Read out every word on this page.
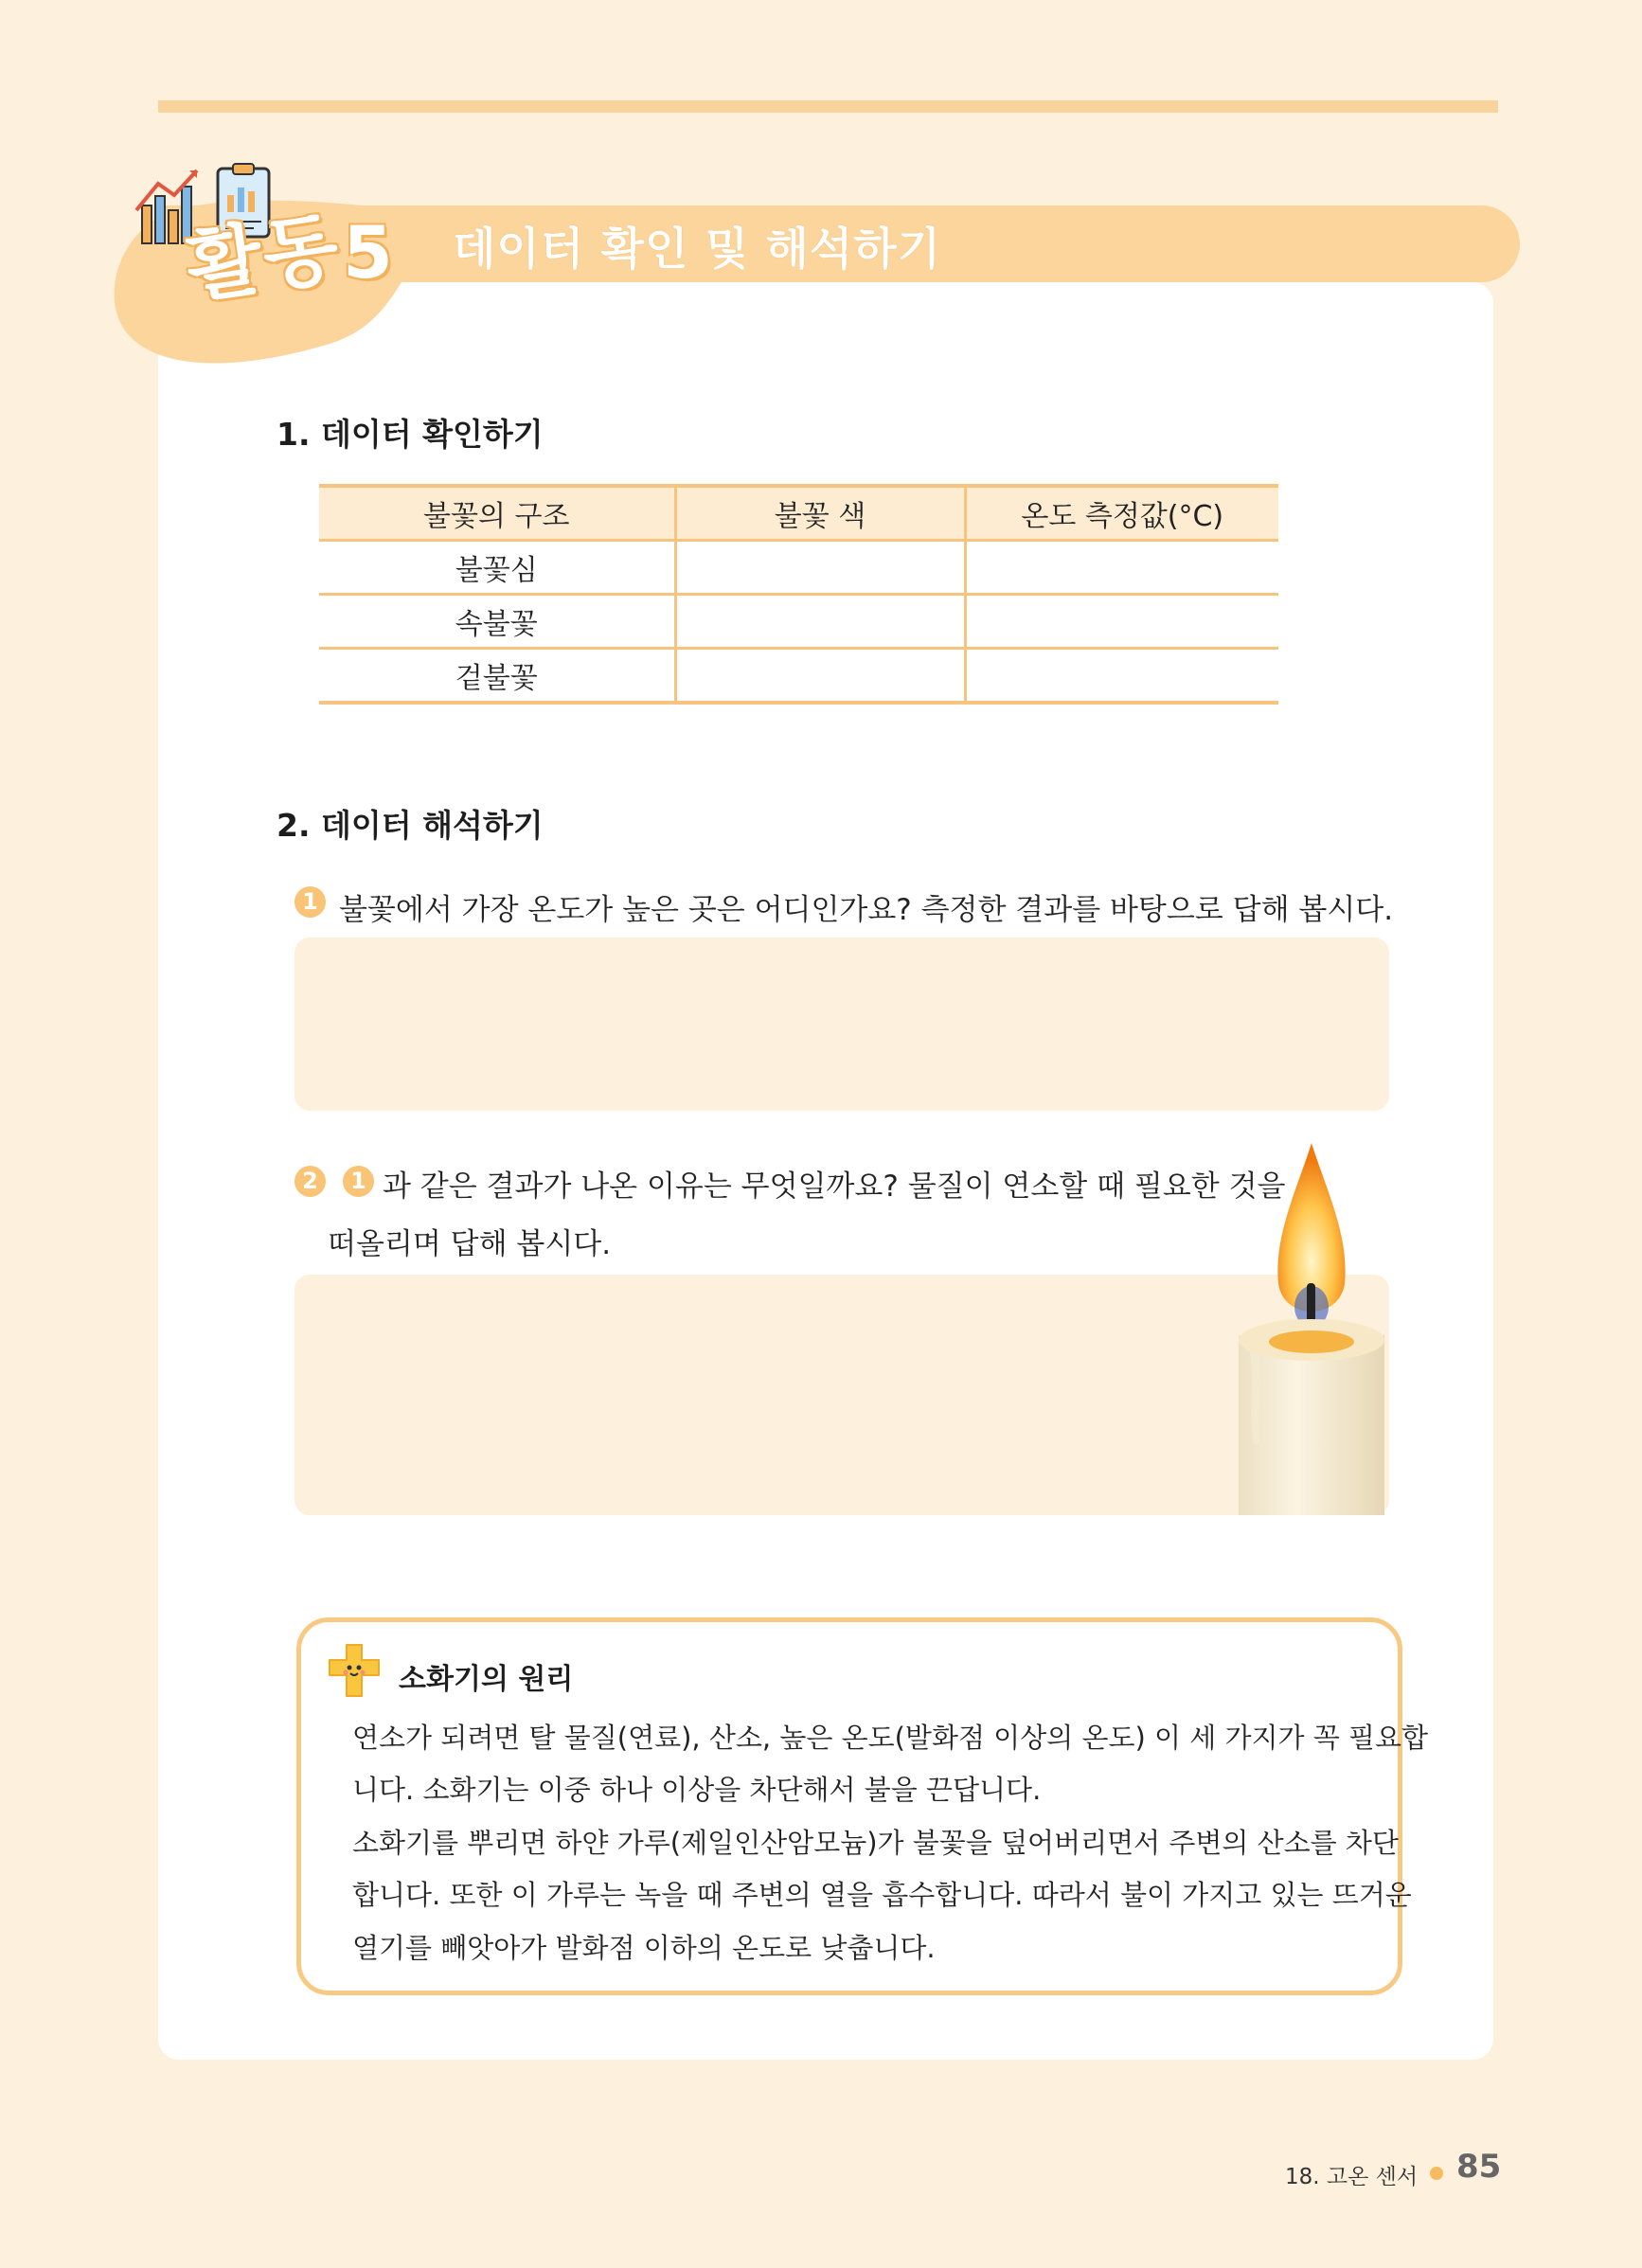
활동
5 데이터 확인 및 해석하기
1. 데이터 확인하기
불꽃의 구조	불꽃 색	온도 측정값(°C)
불꽃심		
속불꽃		
겉불꽃		
2. 데이터 해석하기
1 불꽃에서 가장 온도가 높은 곳은 어디인가요? 측정한 결과를 바탕으로 답해 봅시다.
2	1 과 같은 결과가 나온 이유는 무엇일까요? 물질이 연소할 때 필요한 것을
떠올리며 답해 봅시다.
소화기의 원리
연소가 되려면 탈 물질(연료), 산소, 높은 온도(발화점 이상의 온도) 이 세 가지가 꼭 필요합
니다. 소화기는 이중 하나 이상을 차단해서 불을 끈답니다.
소화기를 뿌리면 하얀 가루(제일인산암모늄)가 불꽃을 덮어버리면서 주변의 산소를 차단
합니다. 또한 이 가루는 녹을 때 주변의 열을 흡수합니다. 따라서 불이 가지고 있는 뜨거운
열기를 빼앗아가 발화점 이하의 온도로 낮춥니다.
18. 고온 센서 85
